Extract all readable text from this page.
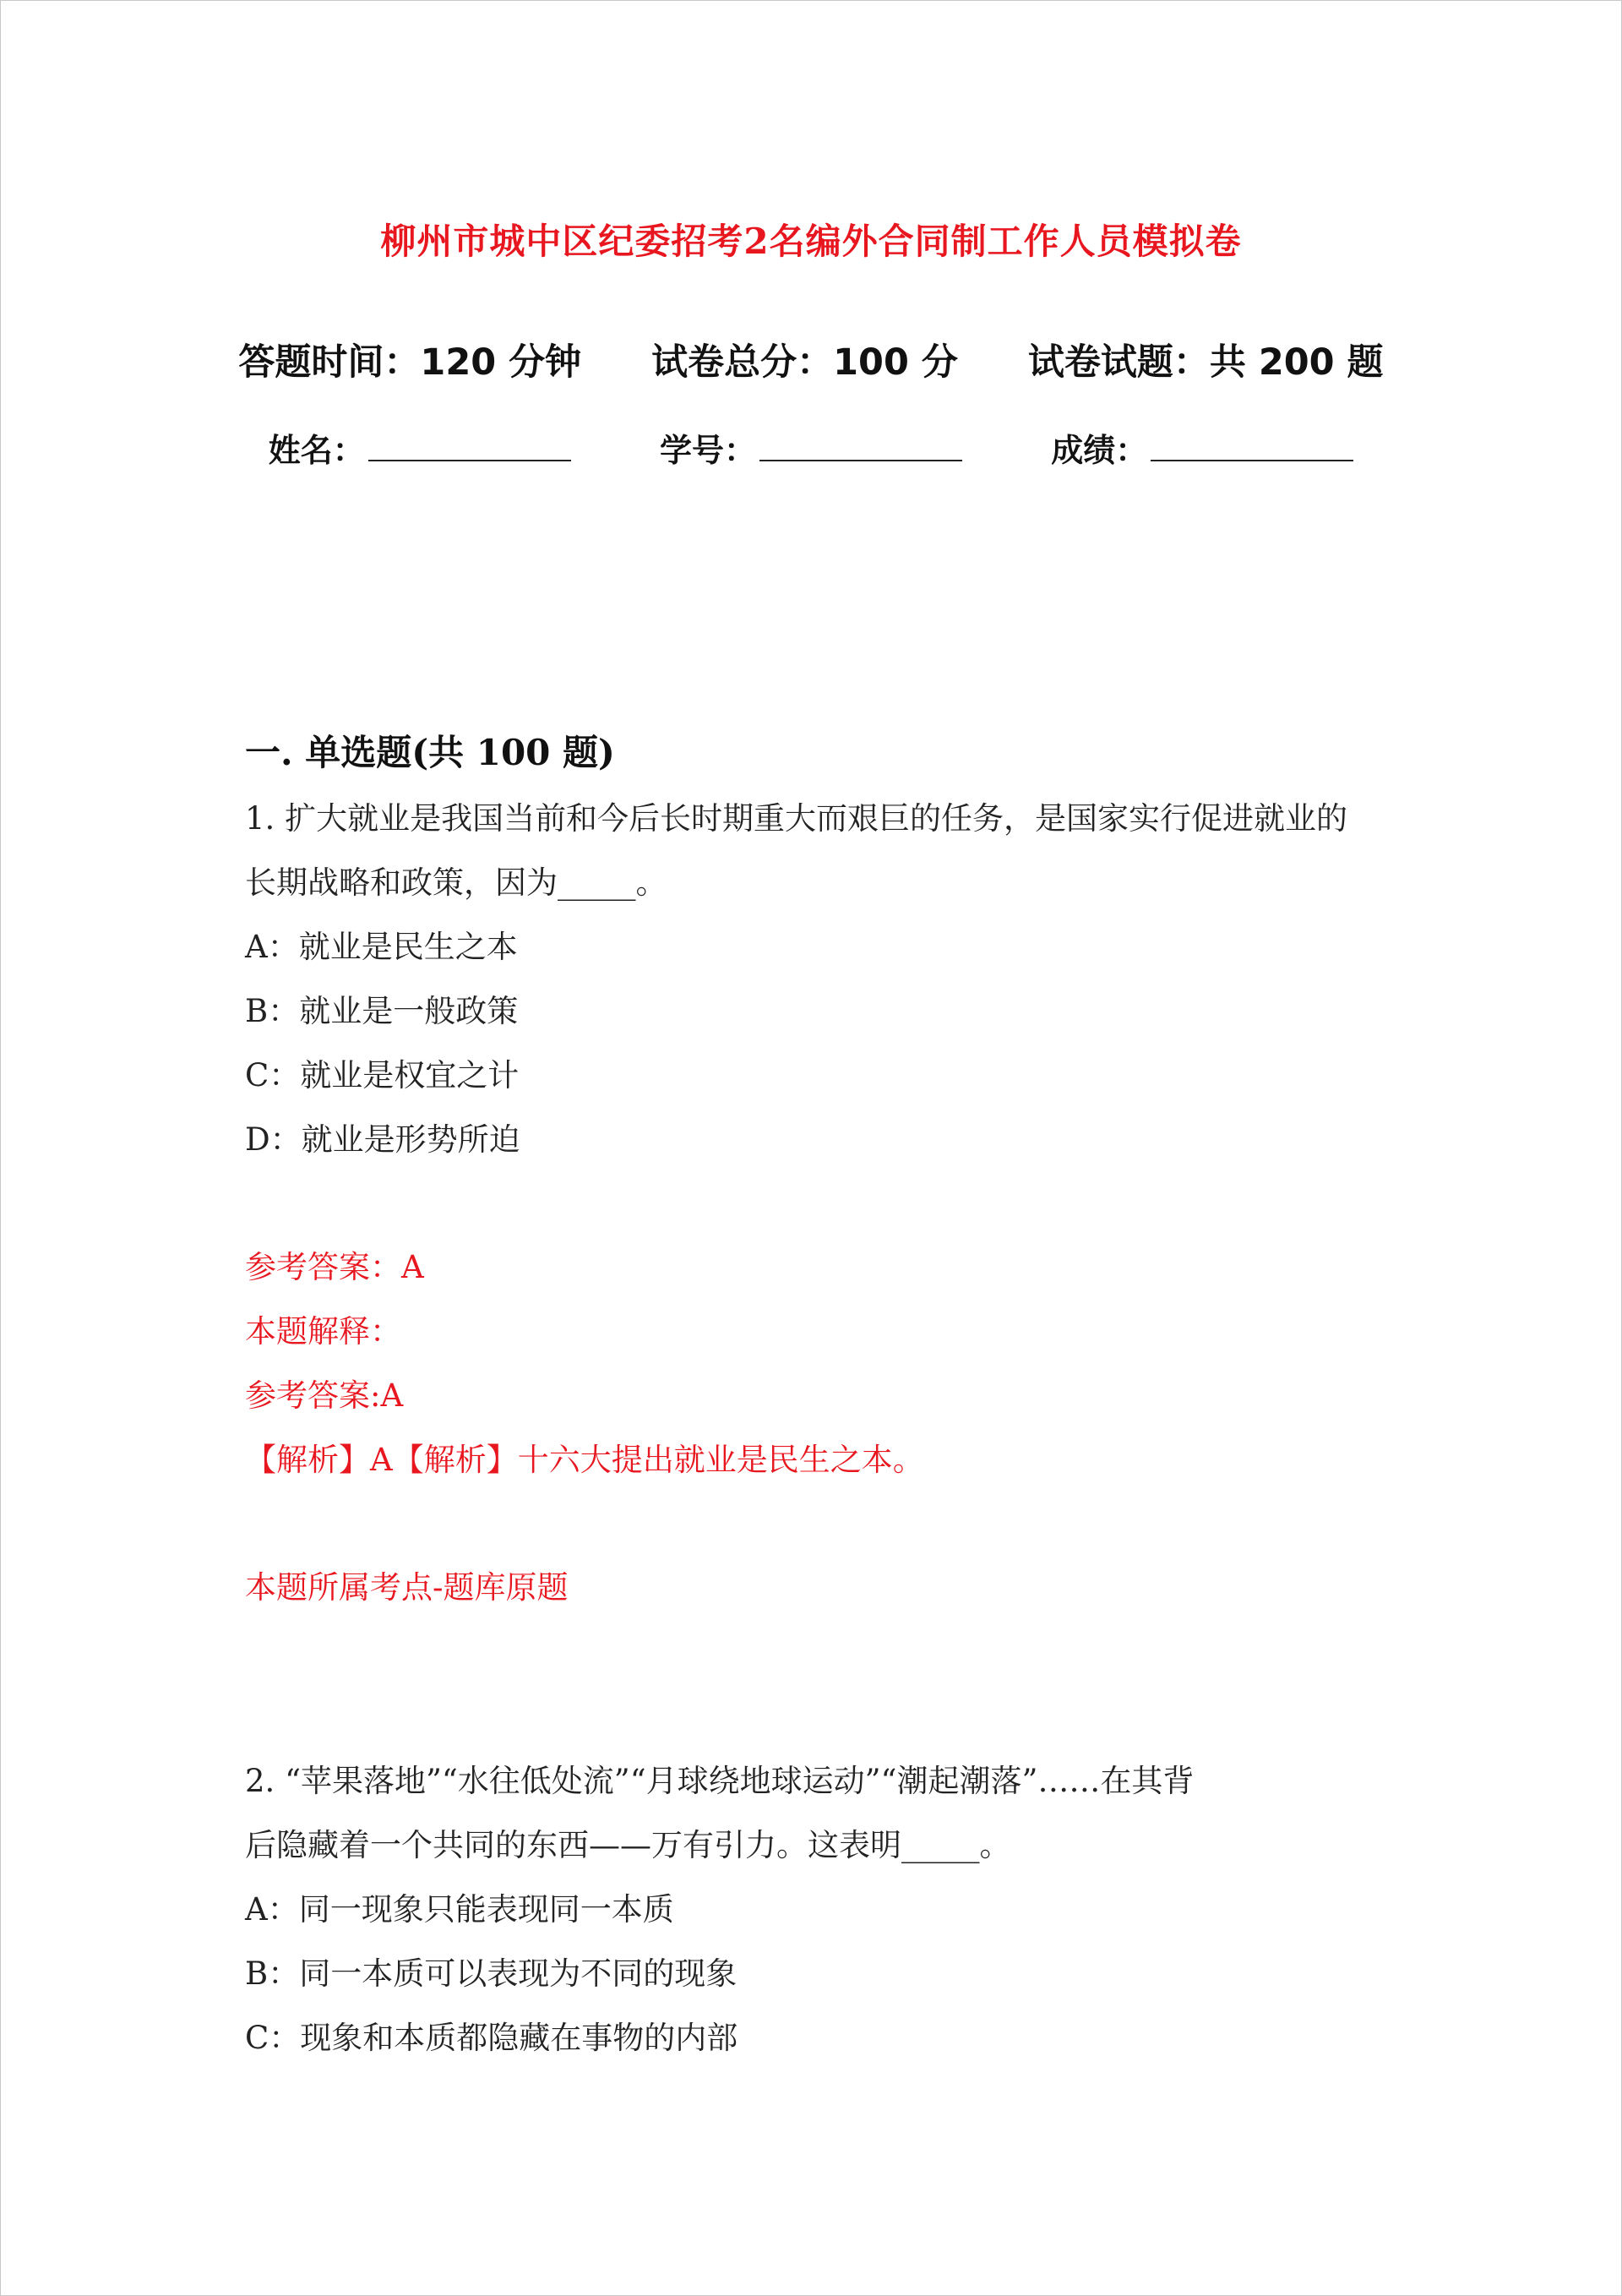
柳州市城中区纪委招考2名编外合同制工作人员模拟卷
答题时间：120 分钟 试卷总分：100 分 试卷试题：共 200 题
姓名：	学号：	成绩：
一. 单选题(共 100 题)
1. 扩大就业是我国当前和今后长时期重大而艰巨的任务，是国家实行促进就业的
长期战略和政策，因为_____。
A：就业是民生之本
B：就业是一般政策
C：就业是权宜之计
D：就业是形势所迫
参考答案：A
本题解释：
参考答案:A
【解析】A【解析】十六大提出就业是民生之本。
本题所属考点-题库原题
2. “苹果落地”“水往低处流”“月球绕地球运动”“潮起潮落”……在其背
后隐藏着一个共同的东西——万有引力。这表明_____。
A：同一现象只能表现同一本质
B：同一本质可以表现为不同的现象
C：现象和本质都隐藏在事物的内部
